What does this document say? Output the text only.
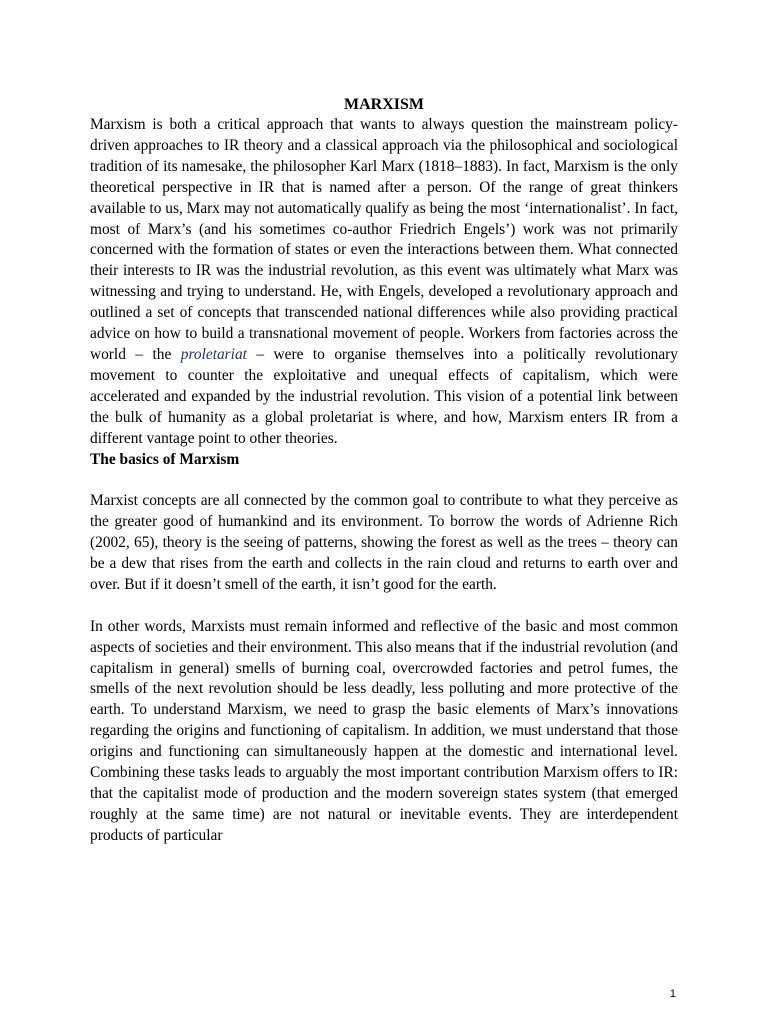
MARXISM

Marxism is both a critical approach that wants to always question the mainstream policy-driven approaches to IR theory and a classical approach via the philosophical and sociological tradition of its namesake, the philosopher Karl Marx (1818–1883). In fact, Marxism is the only theoretical perspective in IR that is named after a person. Of the range of great thinkers available to us, Marx may not automatically qualify as being the most ‘internationalist’. In fact, most of Marx’s (and his sometimes co-author Friedrich Engels’) work was not primarily concerned with the formation of states or even the interactions between them. What connected their interests to IR was the industrial revolution, as this event was ultimately what Marx was witnessing and trying to understand. He, with Engels, developed a revolutionary approach and outlined a set of concepts that transcended national differences while also providing practical advice on how to build a transnational movement of people. Workers from factories across the world – the proletariat – were to organise themselves into a politically revolutionary movement to counter the exploitative and unequal effects of capitalism, which were accelerated and expanded by the industrial revolution. This vision of a potential link between the bulk of humanity as a global proletariat is where, and how, Marxism enters IR from a different vantage point to other theories.

The basics of Marxism

Marxist concepts are all connected by the common goal to contribute to what they perceive as the greater good of humankind and its environment. To borrow the words of Adrienne Rich (2002, 65), theory is the seeing of patterns, showing the forest as well as the trees – theory can be a dew that rises from the earth and collects in the rain cloud and returns to earth over and over. But if it doesn’t smell of the earth, it isn’t good for the earth.

In other words, Marxists must remain informed and reflective of the basic and most common aspects of societies and their environment. This also means that if the industrial revolution (and capitalism in general) smells of burning coal, overcrowded factories and petrol fumes, the smells of the next revolution should be less deadly, less polluting and more protective of the earth. To understand Marxism, we need to grasp the basic elements of Marx’s innovations regarding the origins and functioning of capitalism. In addition, we must understand that those origins and functioning can simultaneously happen at the domestic and international level. Combining these tasks leads to arguably the most important contribution Marxism offers to IR: that the capitalist mode of production and the modern sovereign states system (that emerged roughly at the same time) are not natural or inevitable events. They are interdependent products of particular

1
